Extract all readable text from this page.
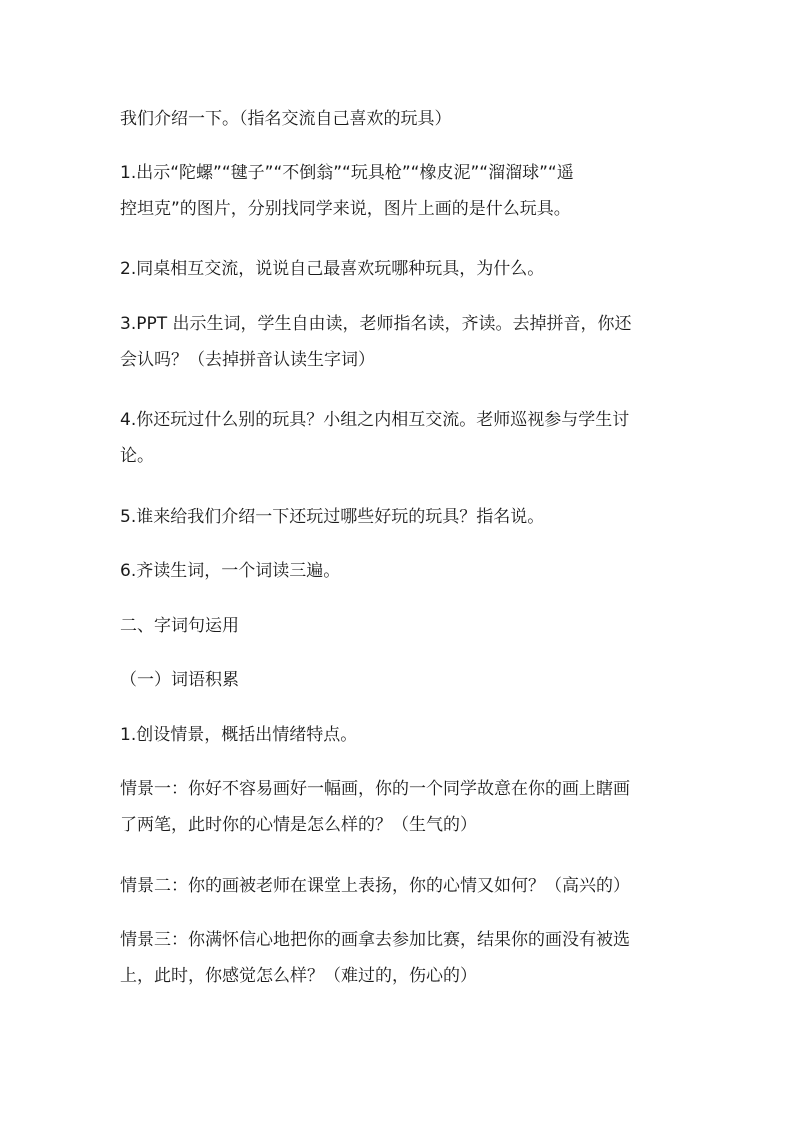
我们介绍一下。（指名交流自己喜欢的玩具）

1.出示“陀螺”“毽子”“不倒翁”“玩具枪”“橡皮泥”“溜溜球”“遥
控坦克”的图片，分别找同学来说，图片上画的是什么玩具。

2.同桌相互交流，说说自己最喜欢玩哪种玩具，为什么。

3.PPT 出示生词，学生自由读，老师指名读，齐读。去掉拼音，你还
会认吗？（去掉拼音认读生字词）

4.你还玩过什么别的玩具？小组之内相互交流。老师巡视参与学生讨
论。

5.谁来给我们介绍一下还玩过哪些好玩的玩具？指名说。

6.齐读生词，一个词读三遍。

二、字词句运用

（一）词语积累

1.创设情景，概括出情绪特点。

情景一：你好不容易画好一幅画，你的一个同学故意在你的画上瞎画
了两笔，此时你的心情是怎么样的？（生气的）

情景二：你的画被老师在课堂上表扬，你的心情又如何？（高兴的）

情景三：你满怀信心地把你的画拿去参加比赛，结果你的画没有被选
上，此时，你感觉怎么样？（难过的，伤心的）
